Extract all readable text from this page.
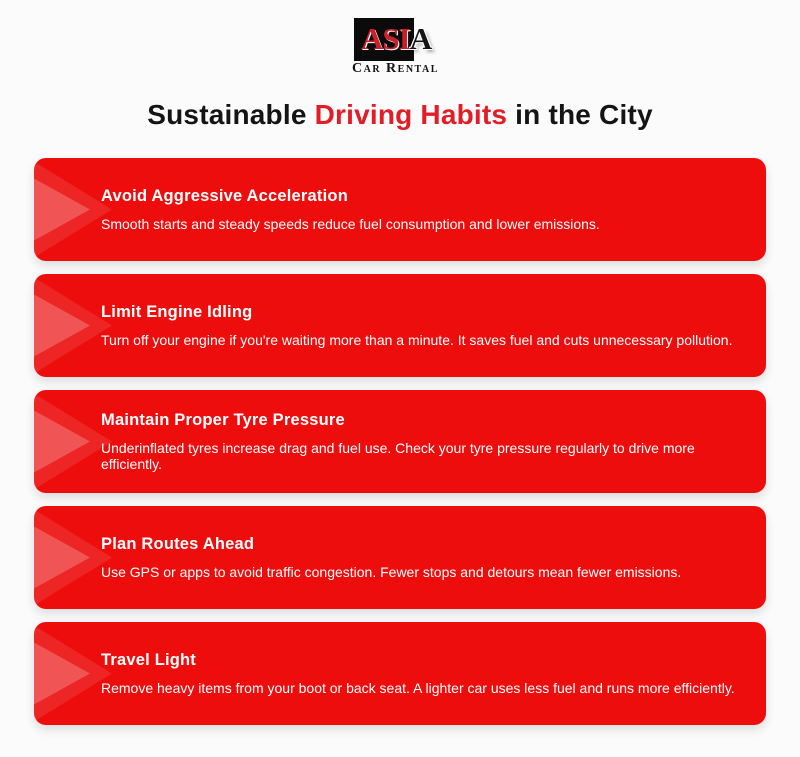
ASIA
Car Rental
Sustainable Driving Habits in the City
Avoid Aggressive Acceleration
Smooth starts and steady speeds reduce fuel consumption and lower emissions.
Limit Engine Idling
Turn off your engine if you're waiting more than a minute. It saves fuel and cuts unnecessary pollution.
Maintain Proper Tyre Pressure
Underinflated tyres increase drag and fuel use. Check your tyre pressure regularly to drive more efficiently.
Plan Routes Ahead
Use GPS or apps to avoid traffic congestion. Fewer stops and detours mean fewer emissions.
Travel Light
Remove heavy items from your boot or back seat. A lighter car uses less fuel and runs more efficiently.
